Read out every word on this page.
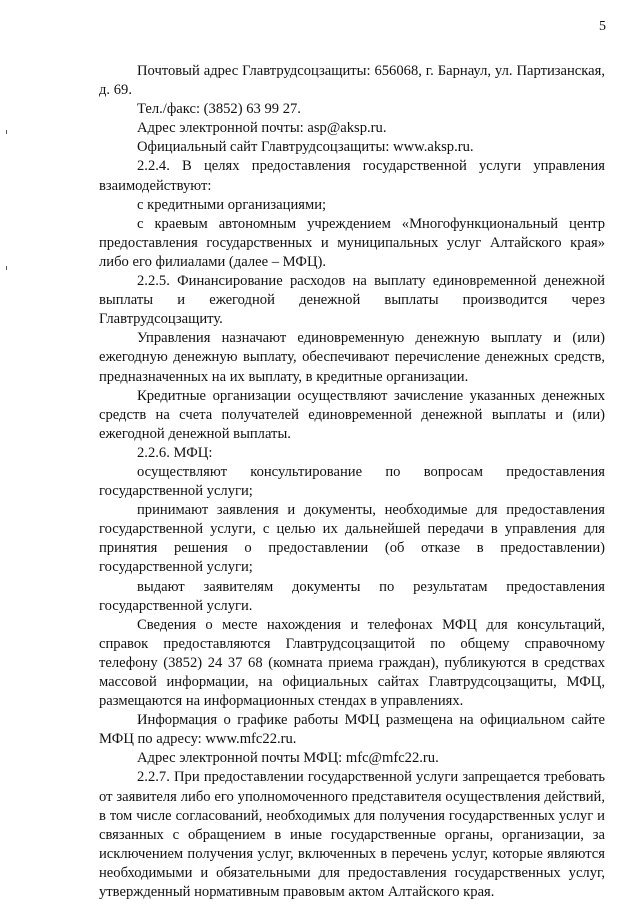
5

Почтовый адрес Главтрудсоцзащиты: 656068, г. Барнаул, ул. Партизанская, д. 69.

Тел./факс: (3852) 63 99 27.

Адрес электронной почты: asp@aksp.ru.

Официальный сайт Главтрудсоцзащиты: www.aksp.ru.

2.2.4. В целях предоставления государственной услуги управления взаимодействуют:

с кредитными организациями;

с краевым автономным учреждением «Многофункциональный центр предоставления государственных и муниципальных услуг Алтайского края» либо его филиалами (далее – МФЦ).

2.2.5. Финансирование расходов на выплату единовременной денежной выплаты и ежегодной денежной выплаты производится через Главтрудсоцзащиту.

Управления назначают единовременную денежную выплату и (или) ежегодную денежную выплату, обеспечивают перечисление денежных средств, предназначенных на их выплату, в кредитные организации.

Кредитные организации осуществляют зачисление указанных денежных средств на счета получателей единовременной денежной выплаты и (или) ежегодной денежной выплаты.

2.2.6. МФЦ:

осуществляют консультирование по вопросам предоставления государственной услуги;

принимают заявления и документы, необходимые для предоставления государственной услуги, с целью их дальнейшей передачи в управления для принятия решения о предоставлении (об отказе в предоставлении) государственной услуги;

выдают заявителям документы по результатам предоставления государственной услуги.

Сведения о месте нахождения и телефонах МФЦ для консультаций, справок предоставляются Главтрудсоцзащитой по общему справочному телефону (3852) 24 37 68 (комната приема граждан), публикуются в средствах массовой информации, на официальных сайтах Главтрудсоцзащиты, МФЦ, размещаются на информационных стендах в управлениях.

Информация о графике работы МФЦ размещена на официальном сайте МФЦ по адресу: www.mfc22.ru.

Адрес электронной почты МФЦ: mfc@mfc22.ru.

2.2.7. При предоставлении государственной услуги запрещается требовать от заявителя либо его уполномоченного представителя осуществления действий, в том числе согласований, необходимых для получения государственных услуг и связанных с обращением в иные государственные органы, организации, за исключением получения услуг, включенных в перечень услуг, которые являются необходимыми и обязательными для предоставления государственных услуг, утвержденный нормативным правовым актом Алтайского края.
